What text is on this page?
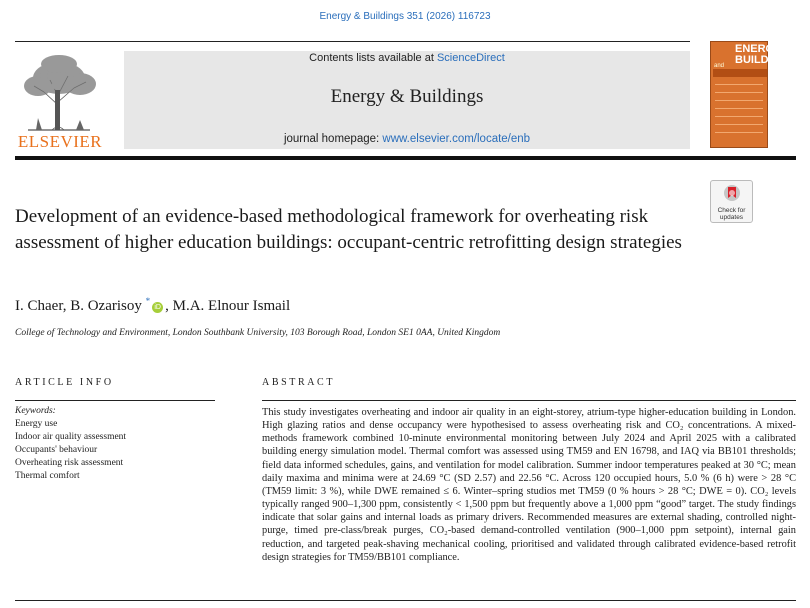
Energy & Buildings 351 (2026) 116723
ELSEVIER
Contents lists available at ScienceDirect
Energy & Buildings
journal homepage: www.elsevier.com/locate/enb
ENERGY
BUILDINGS
and
Check for
updates
Development of an evidence-based methodological framework for overheating risk assessment of higher education buildings: occupant-centric retrofitting design strategies
I. Chaer, B. Ozarisoy *iD , M.A. Elnour Ismail
College of Technology and Environment, London Southbank University, 103 Borough Road, London SE1 0AA, United Kingdom
ARTICLE INFO	ABSTRACT
Keywords:
Energy use
Indoor air quality assessment
Occupants' behaviour
Overheating risk assessment
Thermal comfort
This study investigates overheating and indoor air quality in an eight-storey, atrium-type higher-education building in London. High glazing ratios and dense occupancy were hypothesised to assess overheating risk and CO₂ concentrations. A mixed-methods framework combined 10-minute environmental monitoring between July 2024 and April 2025 with a calibrated building energy simulation model. Thermal comfort was assessed using TM59 and EN 16798, and IAQ via BB101 thresholds; field data informed schedules, gains, and ventilation for model calibration. Summer indoor temperatures peaked at 30 °C; mean daily maxima and minima were at 24.69 °C (SD 2.57) and 22.56 °C. Across 120 occupied hours, 5.0 % (6 h) were > 28 °C (TM59 limit: 3 %), while DWE remained ≤ 6. Winter–spring studios met TM59 (0 % hours > 28 °C; DWE = 0). CO₂ levels typically ranged 900–1,300 ppm, consistently < 1,500 ppm but frequently above a 1,000 ppm “good” target. The study findings indicate that solar gains and internal loads as primary drivers. Recommended measures are external shading, controlled night-purge, timed pre-class/break purges, CO₂-based demand-controlled ventilation (900–1,000 ppm setpoint), internal gain reduction, and targeted peak-shaving mechanical cooling, prioritised and validated through calibrated evidence-based retrofit design strategies for TM59/BB101 compliance.
